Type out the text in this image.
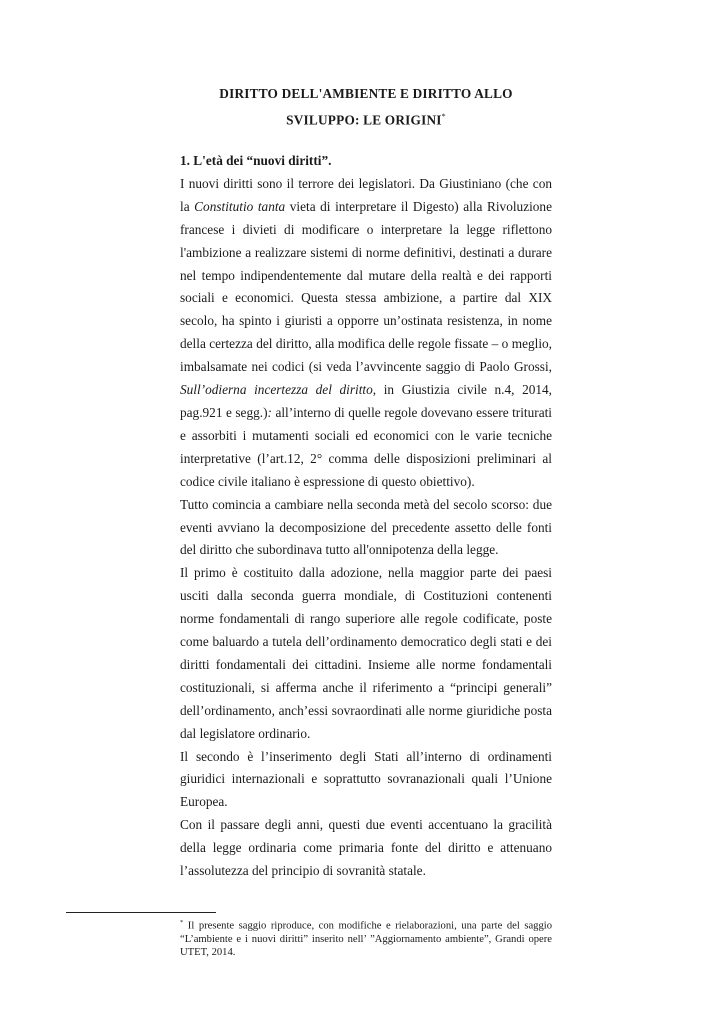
DIRITTO DELL'AMBIENTE E DIRITTO ALLO
SVILUPPO: LE ORIGINI*

1. L'età dei “nuovi diritti”.

I nuovi diritti sono il terrore dei legislatori. Da Giustiniano (che con la Constitutio tanta vieta di interpretare il Digesto) alla Rivoluzione francese i divieti di modificare o interpretare la legge riflettono l'ambizione a realizzare sistemi di norme definitivi, destinati a durare nel tempo indipendentemente dal mutare della realtà e dei rapporti sociali e economici. Questa stessa ambizione, a partire dal XIX secolo, ha spinto i giuristi a opporre un’ostinata resistenza, in nome della certezza del diritto, alla modifica delle regole fissate – o meglio, imbalsamate nei codici (si veda l’avvincente saggio di Paolo Grossi, Sull’odierna incertezza del diritto, in Giustizia civile n.4, 2014, pag.921 e segg.): all’interno di quelle regole dovevano essere triturati e assorbiti i mutamenti sociali ed economici con le varie tecniche interpretative (l’art.12, 2° comma delle disposizioni preliminari al codice civile italiano è espressione di questo obiettivo).

Tutto comincia a cambiare nella seconda metà del secolo scorso: due eventi avviano la decomposizione del precedente assetto delle fonti del diritto che subordinava tutto all'onnipotenza della legge.

Il primo è costituito dalla adozione, nella maggior parte dei paesi usciti dalla seconda guerra mondiale, di Costituzioni contenenti norme fondamentali di rango superiore alle regole codificate, poste come baluardo a tutela dell’ordinamento democratico degli stati e dei diritti fondamentali dei cittadini. Insieme alle norme fondamentali costituzionali, si afferma anche il riferimento a “principi generali” dell’ordinamento, anch’essi sovraordinati alle norme giuridiche posta dal legislatore ordinario.

Il secondo è l’inserimento degli Stati all’interno di ordinamenti giuridici internazionali e soprattutto sovranazionali quali l’Unione Europea.

Con il passare degli anni, questi due eventi accentuano la gracilità della legge ordinaria come primaria fonte del diritto e attenuano l’assolutezza del principio di sovranità statale.

* Il presente saggio riproduce, con modifiche e rielaborazioni, una parte del saggio “L’ambiente e i nuovi diritti” inserito nell’ ”Aggiornamento ambiente”, Grandi opere UTET, 2014.
